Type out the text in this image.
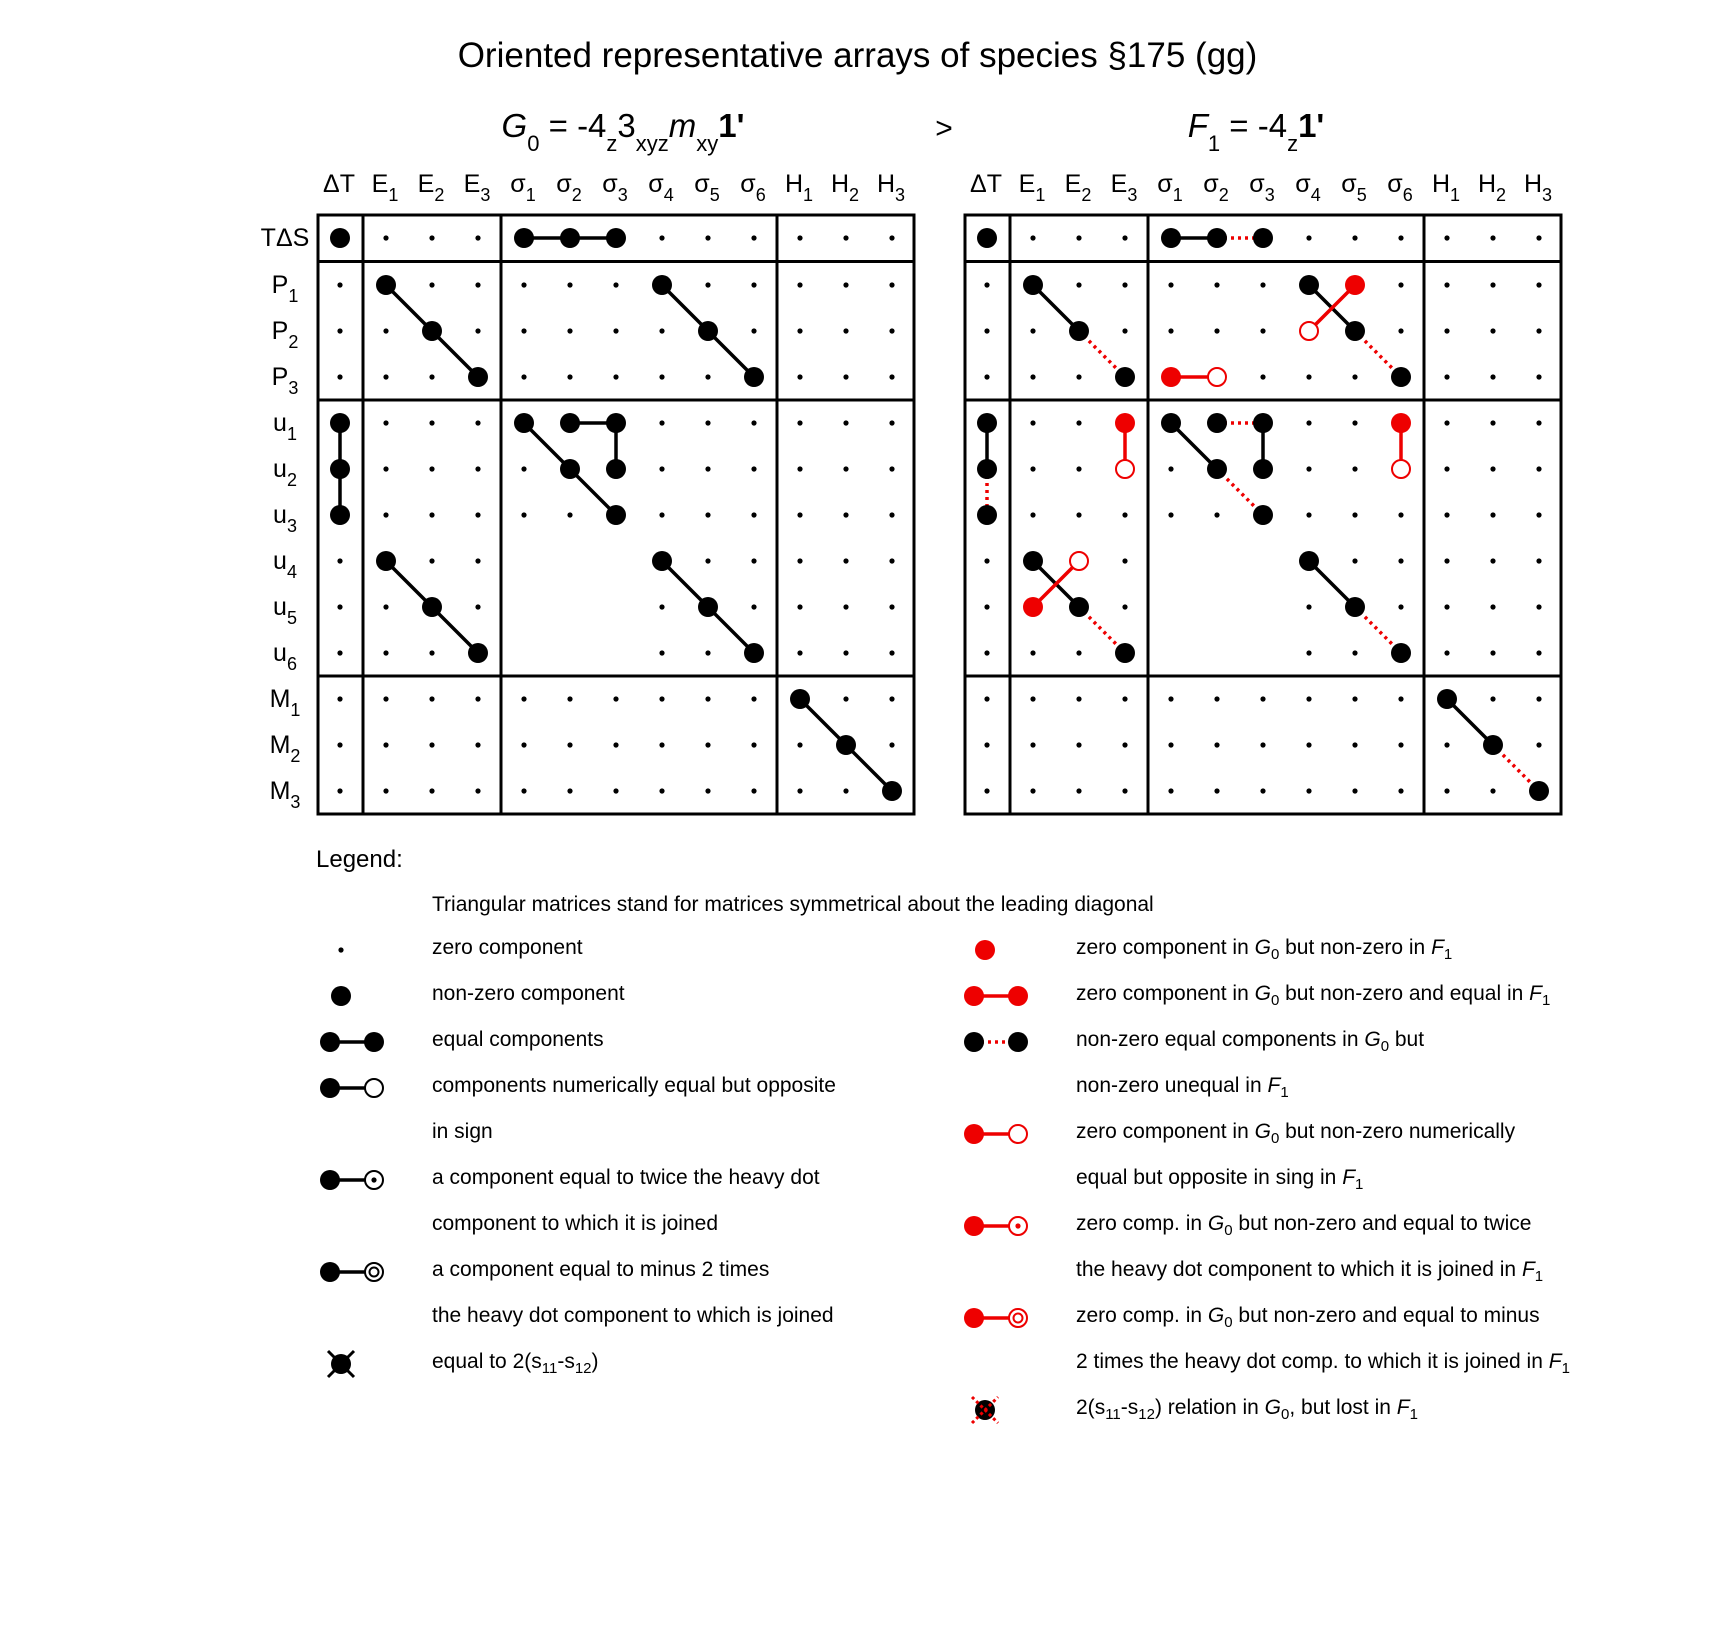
Oriented representative arrays of species §175 (gg)
$G_0 = -4_z3_{xyz}m_{xy}1'$	$F_1 = -4_z1'$
>
ΔT $E_1$ $E_2$ $E_3$ $\sigma_1$ $\sigma_2$ $\sigma_3$ $\sigma_4$ $\sigma_5$ $\sigma_6$ $H_1$ $H_2$ $H_3$	ΔT $E_1$ $E_2$ $E_3$ $\sigma_1$ $\sigma_2$ $\sigma_3$ $\sigma_4$ $\sigma_5$ $\sigma_6$ $H_1$ $H_2$ $H_3$
TΔS
$P_1$
$P_2$
$P_3$
$u_1$
$u_2$
$u_3$
$u_4$
$u_5$
$u_6$
$M_1$
$M_2$
$M_3$
Legend:
Triangular matrices stand for matrices symmetrical about the leading diagonal
zero component
non-zero component
equal components
components numerically equal but opposite
in sign
a component equal to twice the heavy dot
component to which it is joined
a component equal to minus 2 times
the heavy dot component to which is joined
equal to $2(s_{11}-s_{12})$
zero component in $G_0$ but non-zero in $F_1$
zero component in $G_0$ but non-zero and equal in $F_1$
non-zero equal components in $G_0$ but
non-zero unequal in $F_1$
zero component in $G_0$ but non-zero numerically
equal but opposite in sing in $F_1$
zero comp. in $G_0$ but non-zero and equal to twice
the heavy dot component to which it is joined in $F_1$
zero comp. in $G_0$ but non-zero and equal to minus
2 times the heavy dot comp. to which it is joined in $F_1$
$2(s_{11}-s_{12})$ relation in $G_0$, but lost in $F_1$
